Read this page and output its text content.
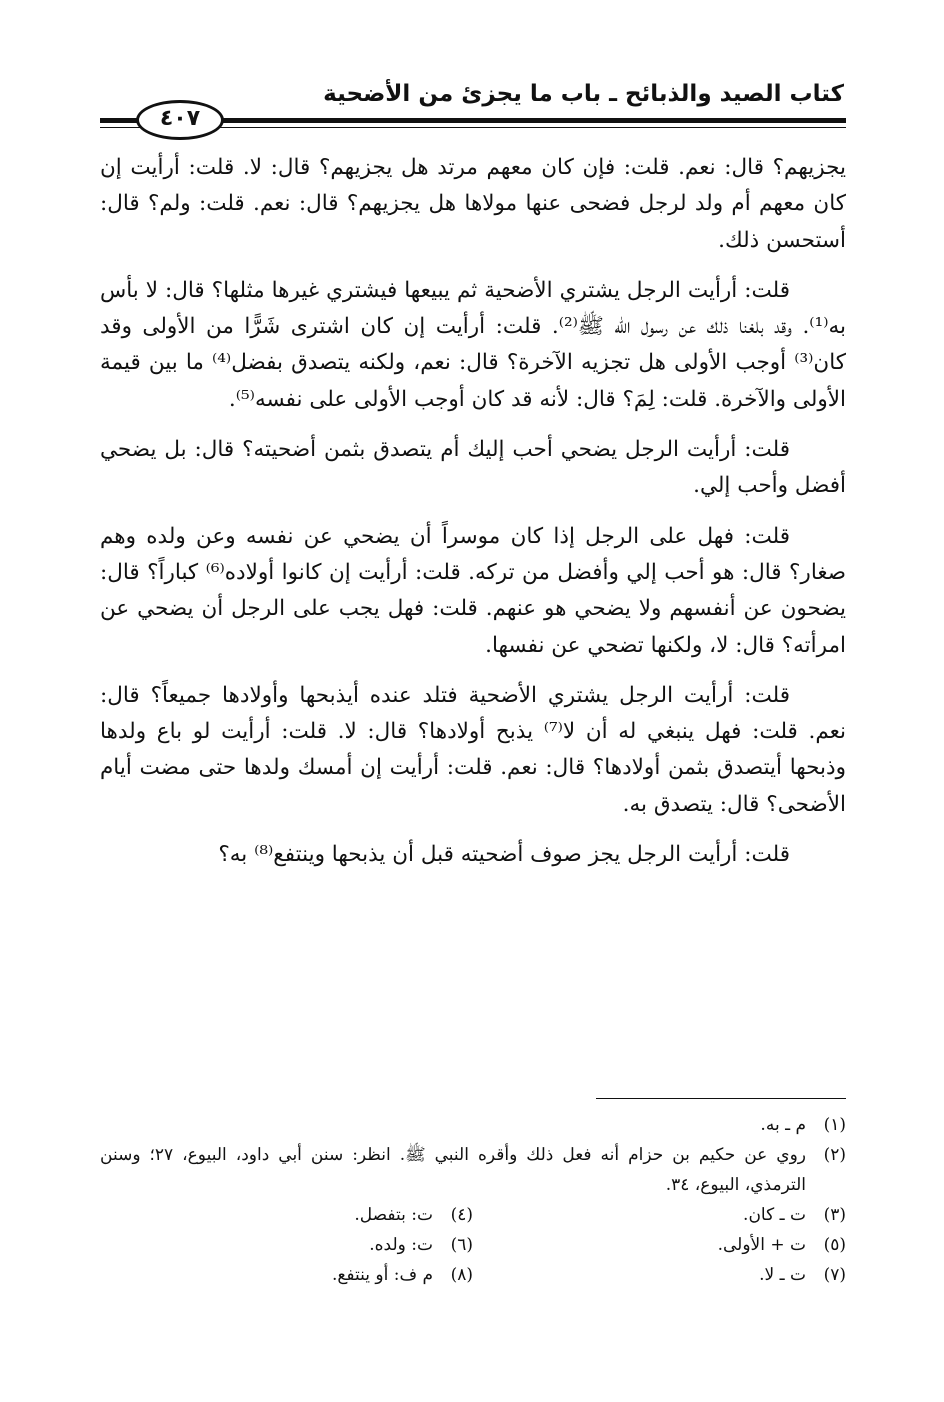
كتاب الصيد والذبائح ـ باب ما يجزئ من الأضحية
٤٠٧

يجزيهم؟ قال: نعم. قلت: فإن كان معهم مرتد هل يجزيهم؟ قال: لا. قلت: أرأيت إن كان معهم أم ولد لرجل فضحى عنها مولاها هل يجزيهم؟ قال: نعم. قلت: ولم؟ قال: أستحسن ذلك.

قلت: أرأيت الرجل يشتري الأضحية ثم يبيعها فيشتري غيرها مثلها؟ قال: لا بأس به⁽¹⁾. وقد بلغنا ذلك عن رسول الله ﷺ⁽²⁾. قلت: أرأيت إن كان اشترى شَرًّا من الأولى وقد كان⁽³⁾ أوجب الأولى هل تجزيه الآخرة؟ قال: نعم، ولكنه يتصدق بفضل⁽⁴⁾ ما بين قيمة الأولى والآخرة. قلت: لِمَ؟ قال: لأنه قد كان أوجب الأولى على نفسه⁽⁵⁾.

قلت: أرأيت الرجل يضحي أحب إليك أم يتصدق بثمن أضحيته؟ قال: بل يضحي أفضل وأحب إلي.

قلت: فهل على الرجل إذا كان موسراً أن يضحي عن نفسه وعن ولده وهم صغار؟ قال: هو أحب إلي وأفضل من تركه. قلت: أرأيت إن كانوا أولاده⁽⁶⁾ كباراً؟ قال: يضحون عن أنفسهم ولا يضحي هو عنهم. قلت: فهل يجب على الرجل أن يضحي عن امرأته؟ قال: لا، ولكنها تضحي عن نفسها.

قلت: أرأيت الرجل يشتري الأضحية فتلد عنده أيذبحها وأولادها جميعاً؟ قال: نعم. قلت: فهل ينبغي له أن لا⁽⁷⁾ يذبح أولادها؟ قال: لا. قلت: أرأيت لو باع ولدها وذبحها أيتصدق بثمن أولادها؟ قال: نعم. قلت: أرأيت إن أمسك ولدها حتى مضت أيام الأضحى؟ قال: يتصدق به.

قلت: أرأيت الرجل يجز صوف أضحيته قبل أن يذبحها وينتفع⁽⁸⁾ به؟

(١)
م ـ به.
(٢)
روي عن حكيم بن حزام أنه فعل ذلك وأقره النبي ﷺ. انظر: سنن أبي داود، البيوع، ٢٧؛ وسنن الترمذي، البيوع، ٣٤.
(٣)
ت ـ كان.
(٤)
ت: بتفصل.
(٥)
ت + الأولى.
(٦)
ت: ولده.
(٧)
ت ـ لا.
(٨)
م ف: أو ينتفع.
